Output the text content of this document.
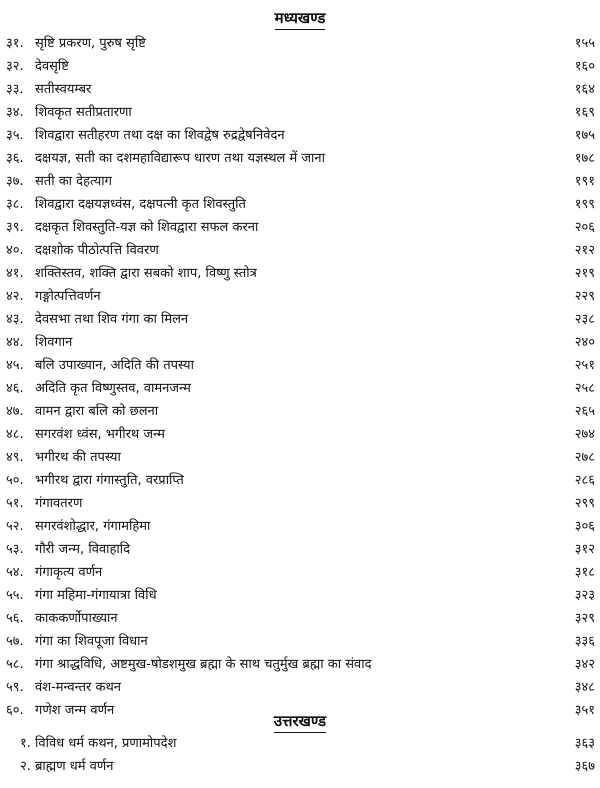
मध्यखण्ड
३१. सृष्टि प्रकरण, पुरुष सृष्टि	१५५
३२. देवसृष्टि	१६०
३३. सतीस्वयम्बर	१६४
३४. शिवकृत सतीप्रतारणा	१६९
३५. शिवद्वारा सतीहरण तथा दक्ष का शिवद्वेष रुद्रद्वेषनिवेदन	१७५
३६. दक्षयज्ञ, सती का दशमहाविद्यारूप धारण तथा यज्ञस्थल में जाना	१७८
३७. सती का देहत्याग	१९१
३८. शिवद्वारा दक्षयज्ञध्वंस, दक्षपत्नी कृत शिवस्तुति	१९९
३९. दक्षकृत शिवस्तुति-यज्ञ को शिवद्वारा सफल करना	२०६
४०. दक्षशोक पीठोत्पत्ति विवरण	२१२
४१. शक्तिस्तव, शक्ति द्वारा सबको शाप, विष्णु स्तोत्र	२१९
४२. गङ्गोत्पत्तिवर्णन	२२९
४३. देवसभा तथा शिव गंगा का मिलन	२३८
४४. शिवगान	२४०
४५. बलि उपाख्यान, अदिति की तपस्या	२५१
४६. अदिति कृत विष्णुस्तव, वामनजन्म	२५८
४७. वामन द्वारा बलि को छलना	२६५
४८. सगरवंश ध्वंस, भगीरथ जन्म	२७४
४९. भगीरथ की तपस्या	२७८
५०. भगीरथ द्वारा गंगास्तुति, वरप्राप्ति	२८६
५१. गंगावतरण	२९९
५२. सगरवंशोद्धार, गंगामहिमा	३०६
५३. गौरी जन्म, विवाहादि	३१२
५४. गंगाकृत्य वर्णन	३१८
५५. गंगा महिमा-गंगायात्रा विधि	३२३
५६. काककर्णोपाख्यान	३२९
५७. गंगा का शिवपूजा विधान	३३६
५८. गंगा श्राद्धविधि, अष्टमुख-षोडशमुख ब्रह्मा के साथ चतुर्मुख ब्रह्मा का संवाद	३४२
५९. वंश-मन्वन्तर कथन	३४८
६०. गणेश जन्म वर्णन	३५१
उत्तरखण्ड
१. विविध धर्म कथन, प्रणामोपदेश	३६३
२. ब्राह्मण धर्म वर्णन	३६७
